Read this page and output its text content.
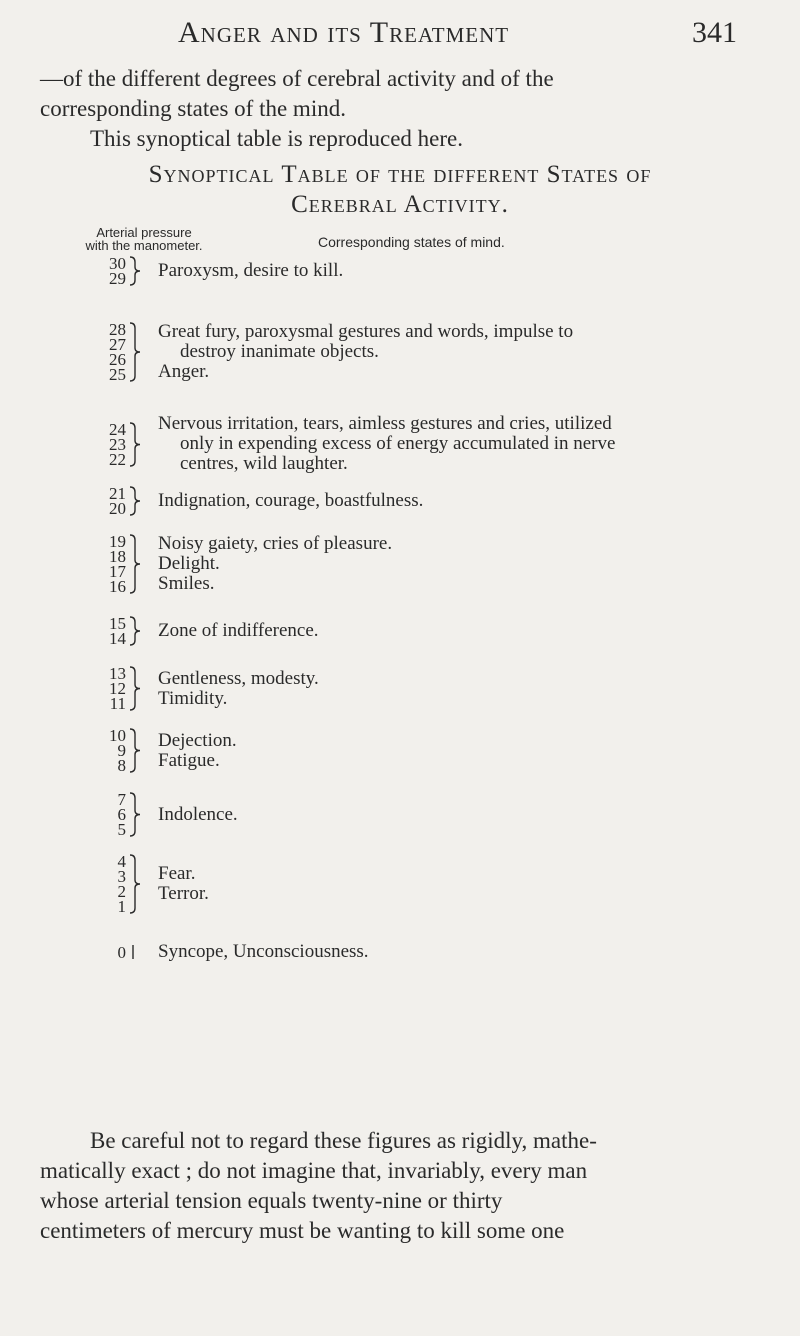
Anger and its Treatment	341

—of the different degrees of cerebral activity and of the

corresponding states of the mind.

This synoptical table is reproduced here.

Synoptical Table of the different States of
Cerebral Activity.
Arterial pressure
with the manometer.	Corresponding states of mind.
30
29 Paroxysm, desire to kill.
28
27
26
25
Great fury, paroxysmal gestures and words, impulse to
destroy inanimate objects.
Anger.
24
23
22
Nervous irritation, tears, aimless gestures and cries, utilized
only in expending excess of energy accumulated in nerve
centres, wild laughter.
21
20 Indignation, courage, boastfulness.
19
18
17
16
Noisy gaiety, cries of pleasure.
Delight.
Smiles.
15
14 Zone of indifference.
13
12
11
Gentleness, modesty.
Timidity.
10
9
8
Dejection.
Fatigue.
7
6
5
Indolence.
4
3
2
1
Fear.
Terror.
0 Syncope, Unconsciousness.
Be careful not to regard these figures as rigidly, mathe-
matically exact ; do not imagine that, invariably, every man
whose arterial tension equals twenty-nine or thirty
centimeters of mercury must be wanting to kill some one
